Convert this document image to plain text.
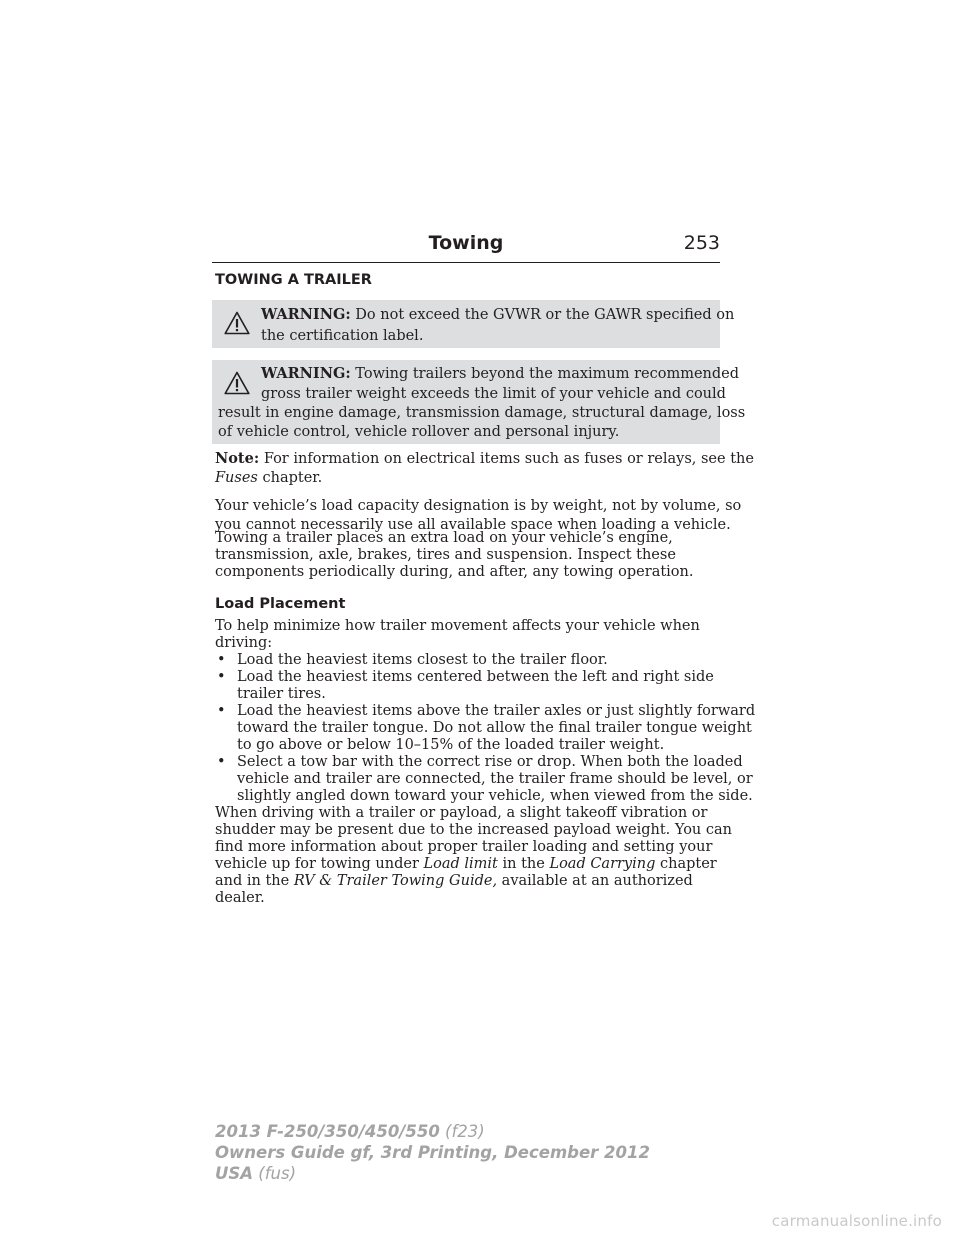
Towing	253
TOWING A TRAILER
WARNING: Do not exceed the GVWR or the GAWR specified on
the certification label.
WARNING: Towing trailers beyond the maximum recommended
gross trailer weight exceeds the limit of your vehicle and could
result in engine damage, transmission damage, structural damage, loss
of vehicle control, vehicle rollover and personal injury.
Note: For information on electrical items such as fuses or relays, see the
Fuses chapter.
Your vehicle’s load capacity designation is by weight, not by volume, so
you cannot necessarily use all available space when loading a vehicle.
Towing a trailer places an extra load on your vehicle’s engine,
transmission, axle, brakes, tires and suspension. Inspect these
components periodically during, and after, any towing operation.
Load Placement
To help minimize how trailer movement affects your vehicle when
driving:
• Load the heaviest items closest to the trailer floor.
• Load the heaviest items centered between the left and right side
trailer tires.
• Load the heaviest items above the trailer axles or just slightly forward
toward the trailer tongue. Do not allow the final trailer tongue weight
to go above or below 10–15% of the loaded trailer weight.
• Select a tow bar with the correct rise or drop. When both the loaded
vehicle and trailer are connected, the trailer frame should be level, or
slightly angled down toward your vehicle, when viewed from the side.
When driving with a trailer or payload, a slight takeoff vibration or
shudder may be present due to the increased payload weight. You can
find more information about proper trailer loading and setting your
vehicle up for towing under Load limit in the Load Carrying chapter
and in the RV & Trailer Towing Guide, available at an authorized
dealer.
2013 F-250/350/450/550 (f23)
Owners Guide gf, 3rd Printing, December 2012
USA (fus)
carmanualsonline.info
